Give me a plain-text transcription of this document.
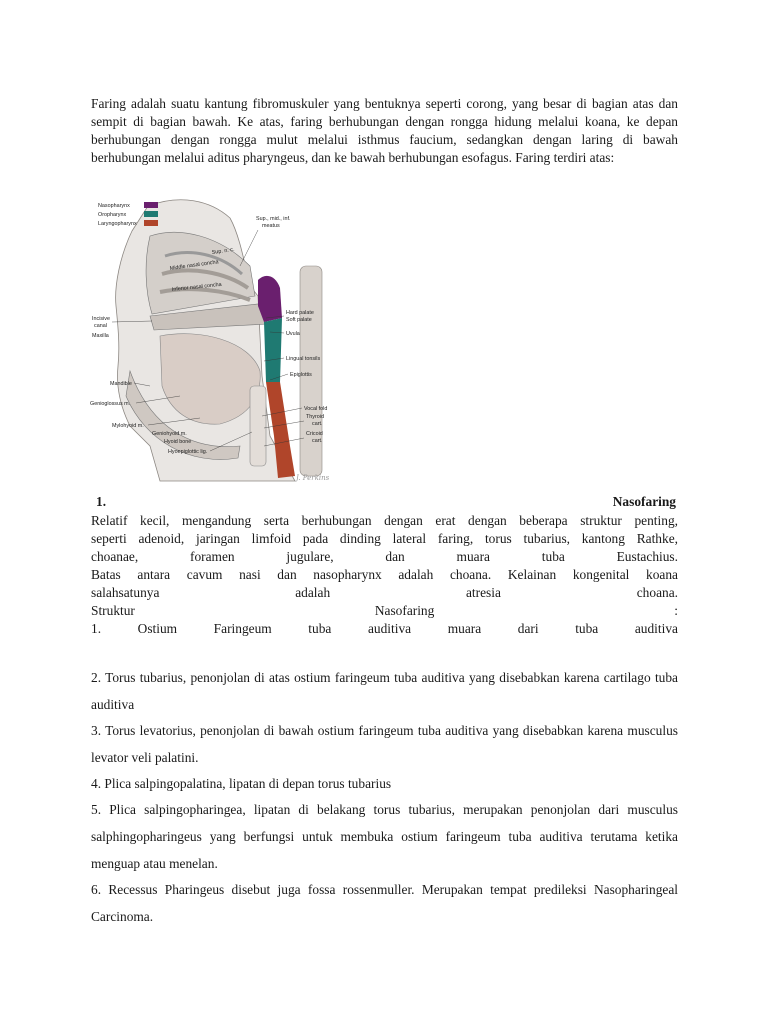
Faring adalah suatu kantung fibromuskuler yang bentuknya seperti corong, yang besar di bagian atas dan sempit di bagian bawah. Ke atas, faring berhubungan dengan rongga hidung melalui koana, ke depan berhubungan dengan rongga mulut melalui isthmus faucium, sedangkan dengan laring di bawah berhubungan melalui aditus pharyngeus, dan ke bawah berhubungan esofagus. Faring terdiri atas:

Nasopharynx
Oropharynx
Laryngopharynx
Sup., mid., inf.
meatus
Hard palate
Soft palate
Uvula
Lingual tonsils
Epiglottis
Vocal fold
Thyroid
cart.
Cricoid
cart.
Incisive
canal
Maxilla
Mandible
Genioglossus m.
Mylohyoid m.
Geniohyoid m.
Hyoid bone
Hyoepiglottic lig.
Sup. n. c.
Middle nasal concha
Inferior nasal concha
J. Perkins
1.	Nasofaring
Relatif kecil, mengandung serta berhubungan dengan erat dengan beberapa struktur penting,
seperti adenoid, jaringan limfoid pada dinding lateral faring, torus tubarius, kantong Rathke,
choanae, foramen jugulare, dan muara tuba Eustachius.
Batas antara cavum nasi dan nasopharynx adalah choana. Kelainan kongenital koana
salahsatunya adalah atresia choana.
Struktur Nasofaring :
1. Ostium Faringeum tuba auditiva muara dari tuba auditiva

2. Torus tubarius, penonjolan di atas ostium faringeum tuba auditiva yang disebabkan karena cartilago tuba auditiva

3. Torus levatorius, penonjolan di bawah ostium faringeum tuba auditiva yang disebabkan karena musculus levator veli palatini.

4. Plica salpingopalatina, lipatan di depan torus tubarius

5. Plica salpingopharingea, lipatan di belakang torus tubarius, merupakan penonjolan dari musculus salphingopharingeus yang berfungsi untuk membuka ostium faringeum tuba auditiva terutama ketika menguap atau menelan.

6. Recessus Pharingeus disebut juga fossa rossenmuller. Merupakan tempat predileksi Nasopharingeal Carcinoma.
